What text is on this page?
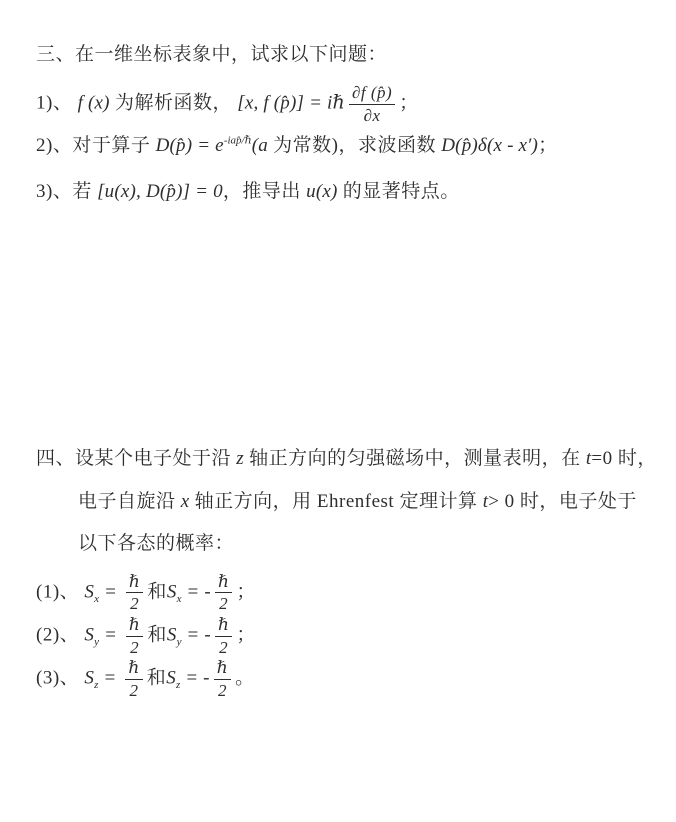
三、在一维坐标表象中，试求以下问题：
1)、 f (x) 为解析函数， [x, f (p̂)] = iℏ $\frac{\partial f (p̂)}{\partial x}$ ；
2)、对于算子 D(p̂) = $e^{-iap̂/\hbar}(a$ 为常数)，求波函数 D(p̂)δ(x - x′)；
3)、若 [u(x), D(p̂)] = 0，推导出 u(x) 的显著特点。
四、设某个电子处于沿 z 轴正方向的匀强磁场中，测量表明，在 t=0 时，
电子自旋沿 x 轴正方向，用 Ehrenfest 定理计算 t> 0 时，电子处于
以下各态的概率：
(1)、 $S_x = \frac{\text{ℏ}}{2}$ 和$S_x$ = - $\frac{\text{ℏ}}{2}$ ；
(2)、 $S_y = \frac{\text{ℏ}}{2}$ 和$S_y$ = - $\frac{\text{ℏ}}{2}$ ；
(3)、 $S_z = \frac{\text{ℏ}}{2}$ 和$S_z$ = - $\frac{\text{ℏ}}{2}$ 。
